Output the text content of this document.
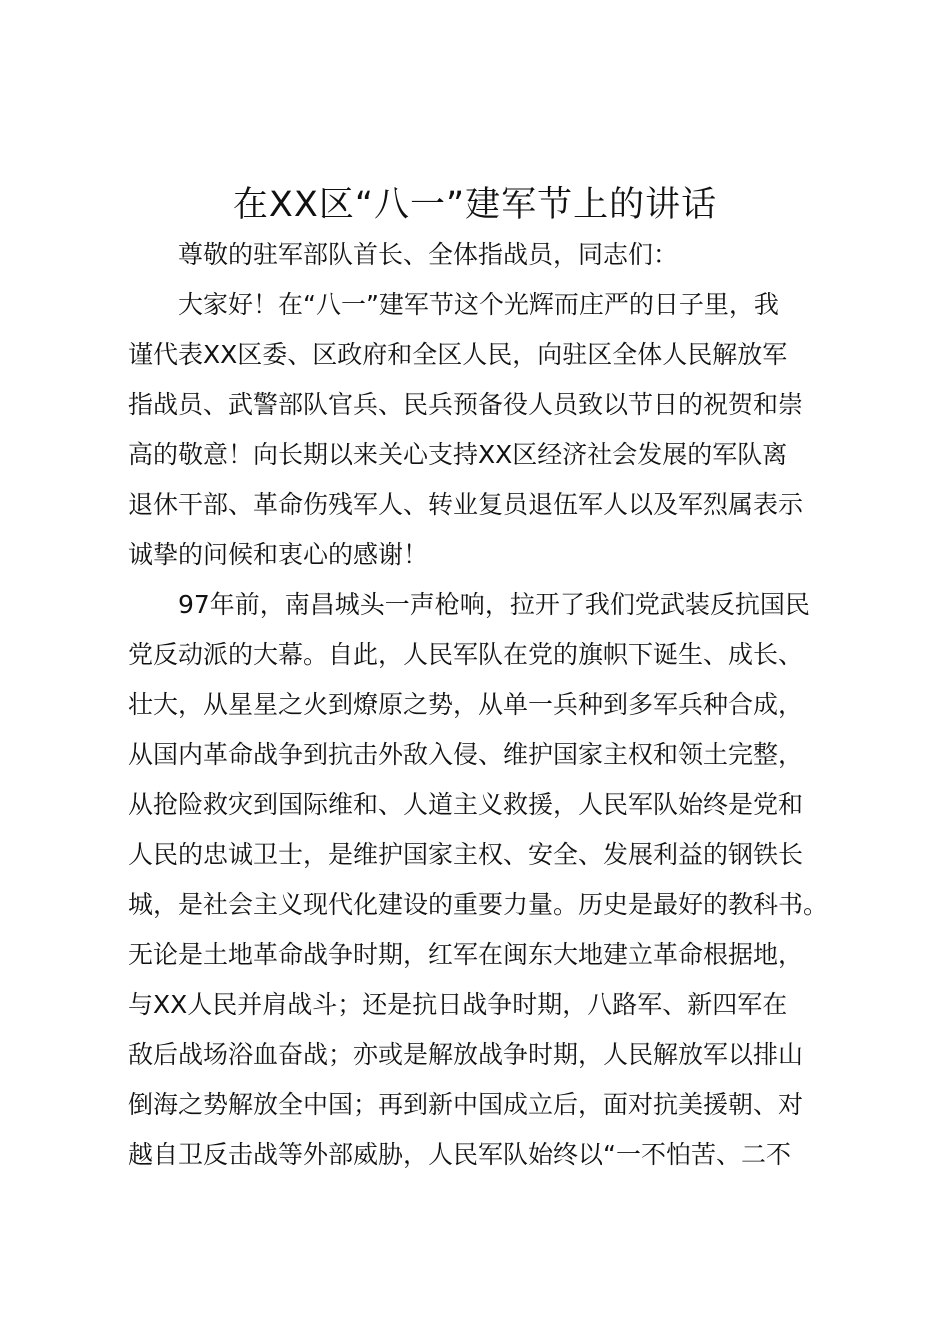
在XX区“八一”建军节上的讲话
尊敬的驻军部队首长、全体指战员，同志们：
大家好！在“八一”建军节这个光辉而庄严的日子里，我
谨代表XX区委、区政府和全区人民，向驻区全体人民解放军
指战员、武警部队官兵、民兵预备役人员致以节日的祝贺和崇
高的敬意！向长期以来关心支持XX区经济社会发展的军队离
退休干部、革命伤残军人、转业复员退伍军人以及军烈属表示
诚挚的问候和衷心的感谢！
97年前，南昌城头一声枪响，拉开了我们党武装反抗国民
党反动派的大幕。自此，人民军队在党的旗帜下诞生、成长、
壮大，从星星之火到燎原之势，从单一兵种到多军兵种合成，
从国内革命战争到抗击外敌入侵、维护国家主权和领土完整，
从抢险救灾到国际维和、人道主义救援，人民军队始终是党和
人民的忠诚卫士，是维护国家主权、安全、发展利益的钢铁长
城，是社会主义现代化建设的重要力量。历史是最好的教科书。
无论是土地革命战争时期，红军在闽东大地建立革命根据地，
与XX人民并肩战斗；还是抗日战争时期，八路军、新四军在
敌后战场浴血奋战；亦或是解放战争时期，人民解放军以排山
倒海之势解放全中国；再到新中国成立后，面对抗美援朝、对
越自卫反击战等外部威胁，人民军队始终以“一不怕苦、二不
